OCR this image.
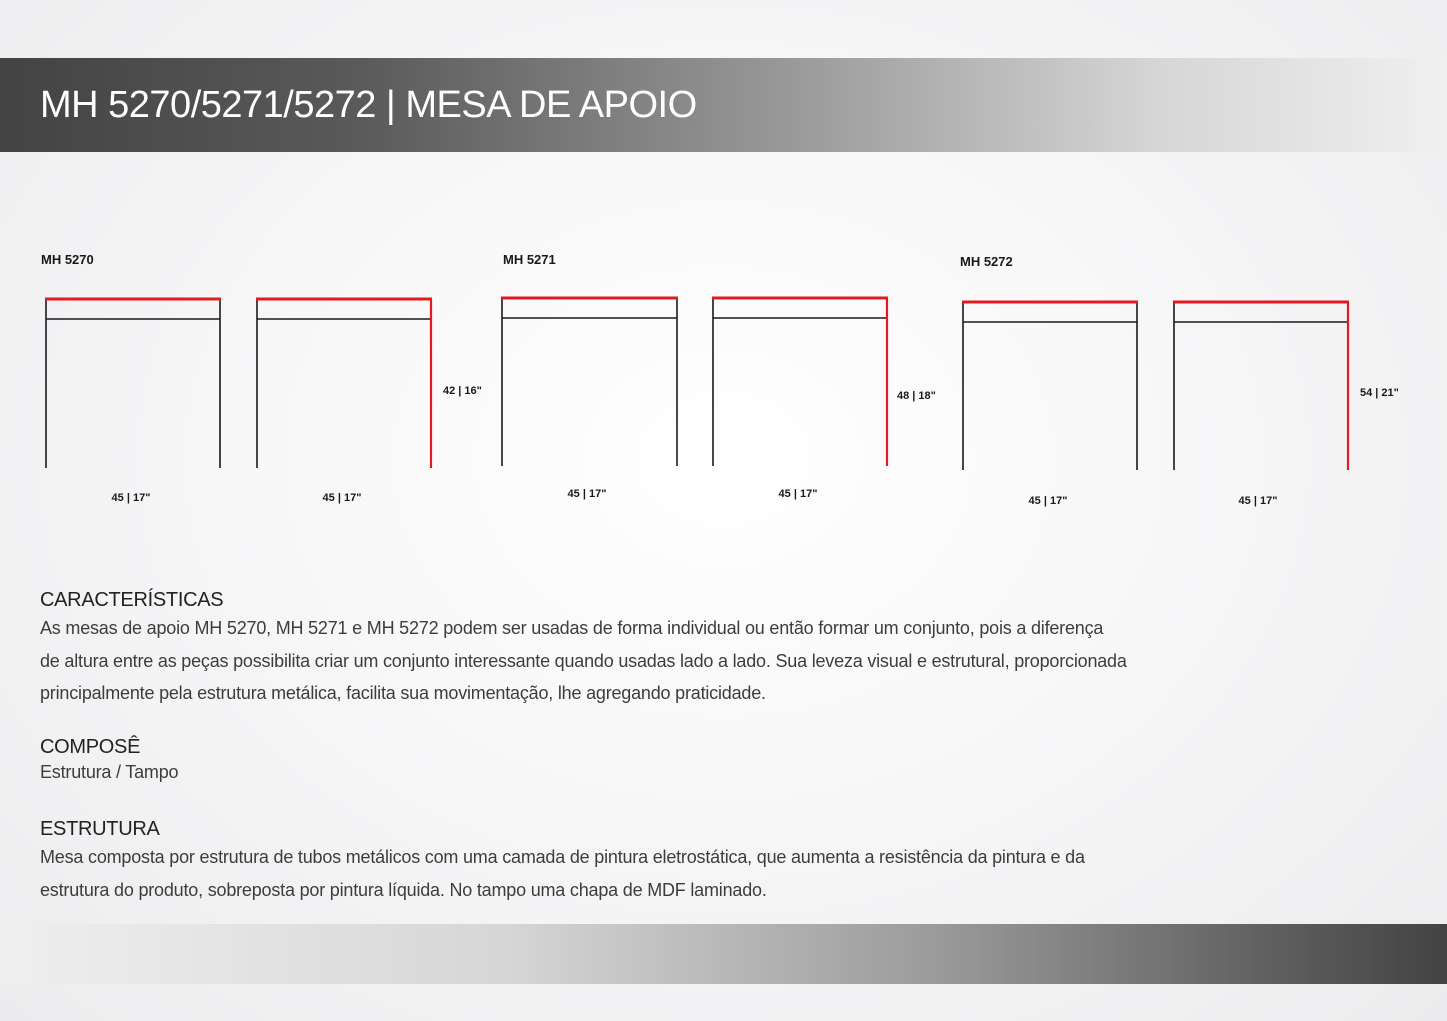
MH 5270/5271/5272 | MESA DE APOIO
MH 5270
42 | 16"
45 | 17"	45 | 17"
MH 5271
48 | 18"
45 | 17"	45 | 17"
MH 5272
54 | 21"
45 | 17"	45 | 17"
CARACTERÍSTICAS

As mesas de apoio MH 5270, MH 5271 e MH 5272 podem ser usadas de forma individual ou então formar um conjunto, pois a diferença
de altura entre as peças possibilita criar um conjunto interessante quando usadas lado a lado. Sua leveza visual e estrutural, proporcionada
principalmente pela estrutura metálica, facilita sua movimentação, lhe agregando praticidade.

COMPOSÊ

Estrutura / Tampo

ESTRUTURA

Mesa composta por estrutura de tubos metálicos com uma camada de pintura eletrostática, que aumenta a resistência da pintura e da
estrutura do produto, sobreposta por pintura líquida. No tampo uma chapa de MDF laminado.
